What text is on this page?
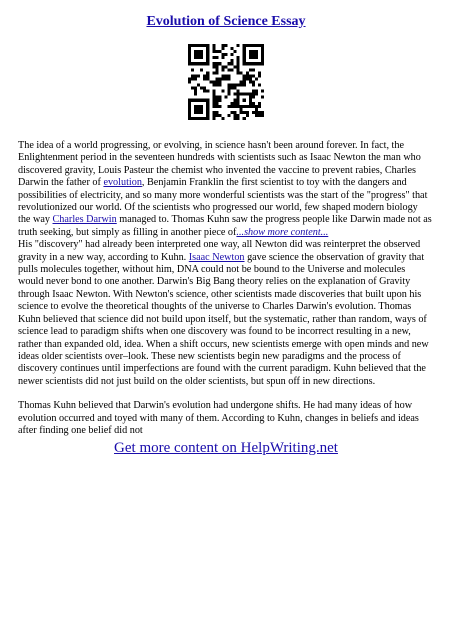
Evolution of Science Essay

The idea of a world progressing, or evolving, in science hasn't been around forever. In fact, the Enlightenment period in the seventeen hundreds with scientists such as Isaac Newton the man who discovered gravity, Louis Pasteur the chemist who invented the vaccine to prevent rabies, Charles Darwin the father of evolution, Benjamin Franklin the first scientist to toy with the dangers and possibilities of electricity, and so many more wonderful scientists was the start of the "progress" that revolutionized our world. Of the scientists who progressed our world, few shaped modern biology the way Charles Darwin managed to. Thomas Kuhn saw the progress people like Darwin made not as truth seeking, but simply as filling in another piece of...show more content...
His "discovery" had already been interpreted one way, all Newton did was reinterpret the observed gravity in a new way, according to Kuhn. Isaac Newton gave science the observation of gravity that pulls molecules together, without him, DNA could not be bound to the Universe and molecules would never bond to one another. Darwin's Big Bang theory relies on the explanation of Gravity through Isaac Newton. With Newton's science, other scientists made discoveries that built upon his science to evolve the theoretical thoughts of the universe to Charles Darwin's evolution. Thomas Kuhn believed that science did not build upon itself, but the systematic, rather than random, ways of science lead to paradigm shifts when one discovery was found to be incorrect resulting in a new, rather than expanded old, idea. When a shift occurs, new scientists emerge with open minds and new ideas older scientists over–look. These new scientists begin new paradigms and the process of discovery continues until imperfections are found with the current paradigm. Kuhn believed that the newer scientists did not just build on the older scientists, but spun off in new directions.

Thomas Kuhn believed that Darwin's evolution had undergone shifts. He had many ideas of how evolution occurred and toyed with many of them. According to Kuhn, changes in beliefs and ideas after finding one belief did not

Get more content on HelpWriting.net
